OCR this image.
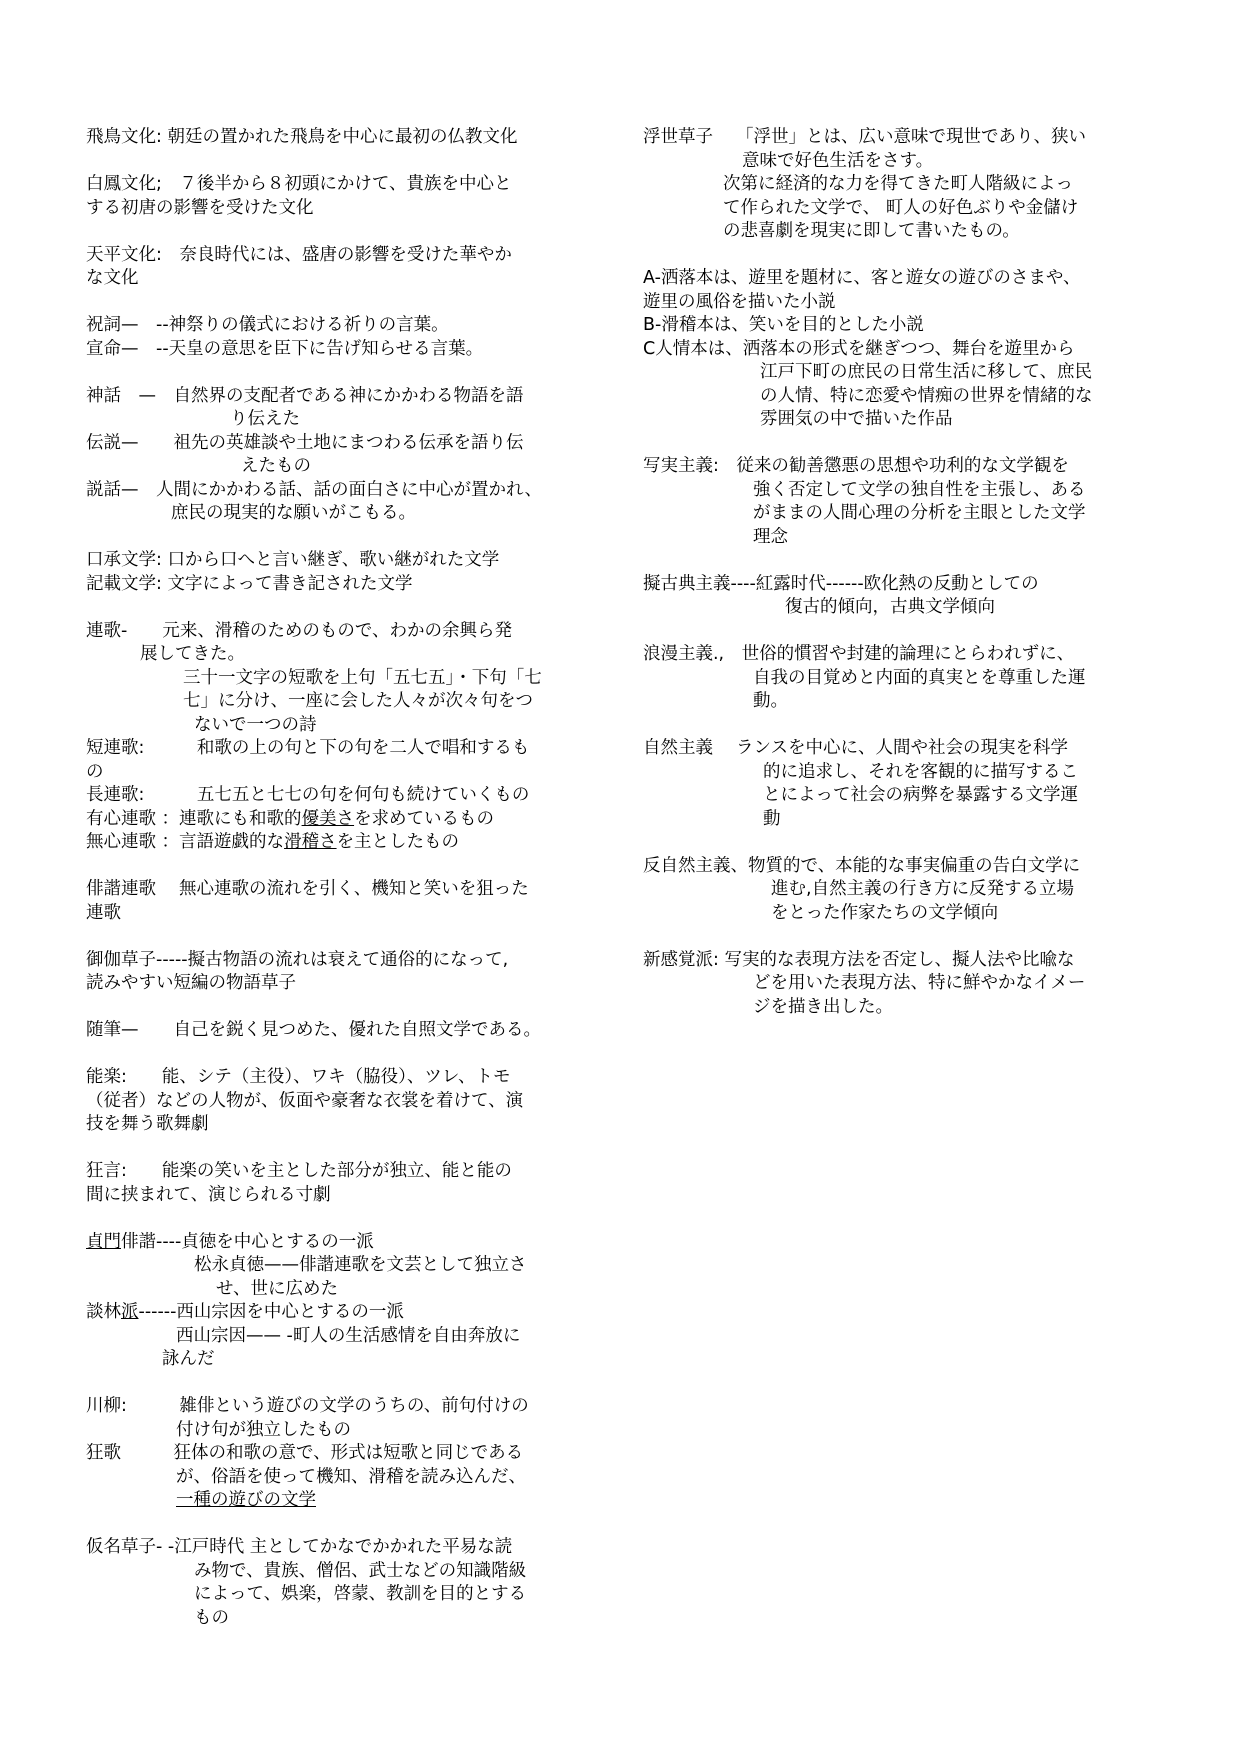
飛鳥文化: 朝廷の置かれた飛鳥を中心に最初の仏教文化
白鳳文化;　７後半から８初頭にかけて、貴族を中心と
する初唐の影響を受けた文化
天平文化:　奈良時代には、盛唐の影響を受けた華やか
な文化
祝詞—　--神祭りの儀式における祈りの言葉。
宣命—　--天皇の意思を臣下に告げ知らせる言葉。
神話　—　自然界の支配者である神にかかわる物語を語
り伝えた
伝説—　　祖先の英雄談や土地にまつわる伝承を語り伝
えたもの
説話—　人間にかかわる話、話の面白さに中心が置かれ、
庶民の現実的な願いがこもる。
口承文学: 口から口へと言い継ぎ、歌い継がれた文学
記載文学: 文字によって書き記された文学
連歌-　　元来、滑稽のためのもので、わかの余興ら発
展してきた。
三十一文字の短歌を上句「五七五」・下句「七
七」に分け、一座に会した人々が次々句をつ
ないで一つの詩
短連歌:　　　和歌の上の句と下の句を二人で唱和するも
の
長連歌:　　　五七五と七七の句を何句も続けていくもの
有心連歌 ：連歌にも和歌的優美さを求めているもの
無心連歌 ：言語遊戯的な滑稽さを主としたもの
俳諧連歌　 無心連歌の流れを引く、機知と笑いを狙った
連歌
御伽草子-----擬古物語の流れは衰えて通俗的になって,
読みやすい短編の物語草子
随筆—　　自己を鋭く見つめた、優れた自照文学である。
能楽:　　能、シテ（主役）、ワキ（脇役）、ツレ、トモ
（従者）などの人物が、仮面や豪奢な衣裳を着けて、演
技を舞う歌舞劇
狂言:　　能楽の笑いを主とした部分が独立、能と能の
間に挟まれて、演じられる寸劇
貞門俳諧----貞徳を中心とするの一派
松永貞徳——俳諧連歌を文芸として独立さ
せ、世に広めた
談林派------西山宗因を中心とするの一派
西山宗因—— -町人の生活感情を自由奔放に
詠んだ
川柳:　　　雑俳という遊びの文学のうちの、前句付けの
付け句が独立したもの
狂歌　　　狂体の和歌の意で、形式は短歌と同じである
が、俗語を使って機知、滑稽を読み込んだ、
一種の遊びの文学
仮名草子- -江戸時代 主としてかなでかかれた平易な読
み物で、貴族、僧侶、武士などの知識階級
によって、娯楽，啓蒙、教訓を目的とする
もの
浮世草子　 「浮世」とは、広い意味で現世であり、狭い
意味で好色生活をさす。
次第に経済的な力を得てきた町人階級によっ
て作られた文学で、 町人の好色ぶりや金儲け
の悲喜劇を現実に即して書いたもの。
A-洒落本は、遊里を題材に、客と遊女の遊びのさまや、
遊里の風俗を描いた小説
B-滑稽本は、笑いを目的とした小説
C人情本は、洒落本の形式を継ぎつつ、舞台を遊里から
江戸下町の庶民の日常生活に移して、庶民
の人情、特に恋愛や情痴の世界を情緒的な
雰囲気の中で描いた作品
写実主義:　従来の勧善懲悪の思想や功利的な文学観を
強く否定して文学の独自性を主張し、ある
がままの人間心理の分析を主眼とした文学
理念
擬古典主義----紅露时代------欧化熱の反動としての
復古的傾向，古典文学傾向
浪漫主義.,　世俗的慣習や封建的論理にとらわれずに、
自我の目覚めと内面的真実とを尊重した運
動。
自然主義　 ランスを中心に、人間や社会の現実を科学
的に追求し、それを客観的に描写するこ
とによって社会の病弊を暴露する文学運
動
反自然主義、物質的で、本能的な事実偏重の告白文学に
進む,自然主義の行き方に反発する立場
をとった作家たちの文学傾向
新感覚派: 写実的な表現方法を否定し、擬人法や比喩な
どを用いた表現方法、特に鮮やかなイメー
ジを描き出した。
